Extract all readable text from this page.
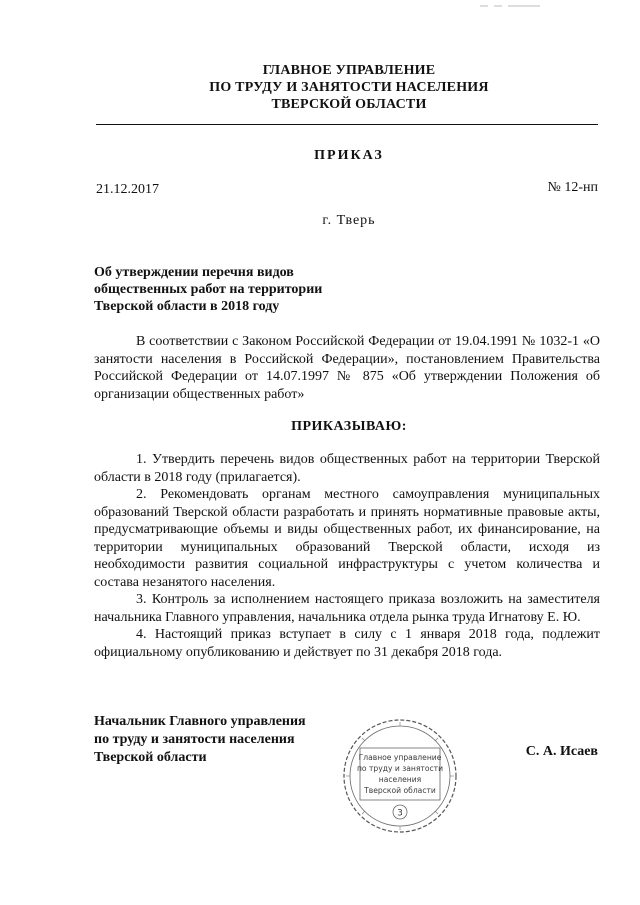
ГЛАВНОЕ УПРАВЛЕНИЕ
ПО ТРУДУ И ЗАНЯТОСТИ НАСЕЛЕНИЯ
ТВЕРСКОЙ ОБЛАСТИ
ПРИКАЗ
21.12.2017	№ 12-нп
г. Тверь
Об утверждении перечня видов
общественных работ на территории
Тверской области в 2018 году

В соответствии с Законом Российской Федерации от 19.04.1991 № 1032-1 «О занятости населения в Российской Федерации», постановлением Правительства Российской Федерации от 14.07.1997 № 875 «Об утверждении Положения об организации общественных работ»

ПРИКАЗЫВАЮ:

1. Утвердить перечень видов общественных работ на территории Тверской области в 2018 году (прилагается).

2. Рекомендовать органам местного самоуправления муниципальных образований Тверской области разработать и принять нормативные правовые акты, предусматривающие объемы и виды общественных работ, их финансирование, на территории муниципальных образований Тверской области, исходя из необходимости развития социальной инфраструктуры с учетом количества и состава незанятого населения.

3. Контроль за исполнением настоящего приказа возложить на заместителя начальника Главного управления, начальника отдела рынка труда Игнатову Е. Ю.

4. Настоящий приказ вступает в силу с 1 января 2018 года, подлежит официальному опубликованию и действует по 31 декабря 2018 года.

Начальник Главного управления
по труду и занятости населения
Тверской области	Главное управление
по труду и занятости
населения
Тверской области
3
С. А. Исаев
